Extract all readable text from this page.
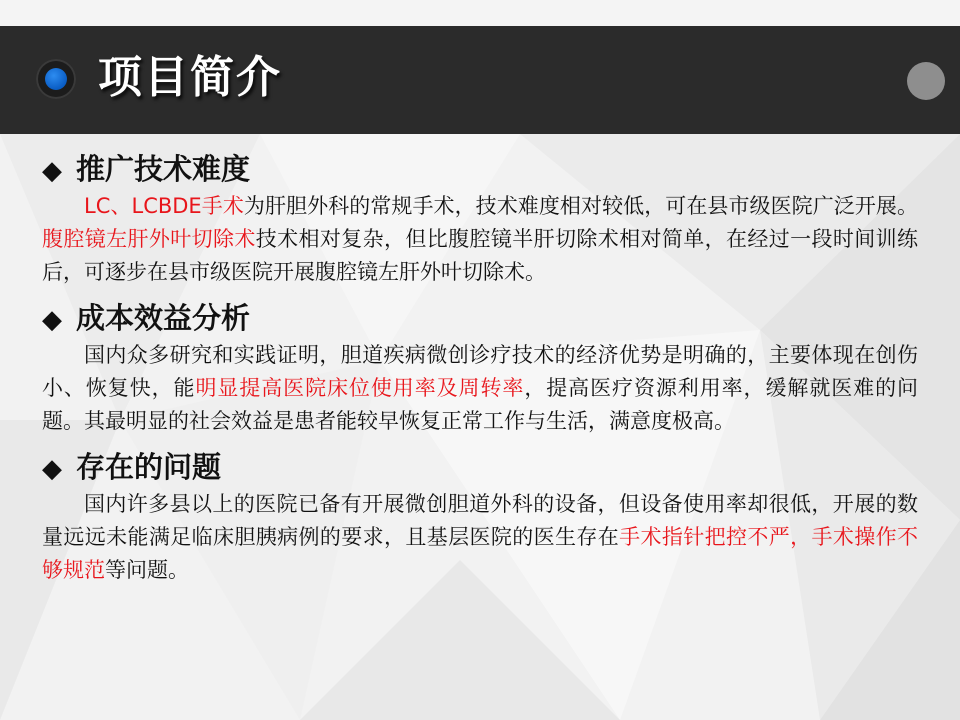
项目简介
◆ 推广技术难度

LC、LCBDE手术为肝胆外科的常规手术，技术难度相对较低，可在县市级医院广泛开展。腹腔镜左肝外叶切除术技术相对复杂，但比腹腔镜半肝切除术相对简单，在经过一段时间训练后，可逐步在县市级医院开展腹腔镜左肝外叶切除术。

◆ 成本效益分析

国内众多研究和实践证明，胆道疾病微创诊疗技术的经济优势是明确的，主要体现在创伤小、恢复快，能明显提高医院床位使用率及周转率，提高医疗资源利用率，缓解就医难的问题。其最明显的社会效益是患者能较早恢复正常工作与生活，满意度极高。

◆ 存在的问题

国内许多县以上的医院已备有开展微创胆道外科的设备，但设备使用率却很低，开展的数量远远未能满足临床胆胰病例的要求，且基层医院的医生存在手术指针把控不严，手术操作不够规范等问题。
